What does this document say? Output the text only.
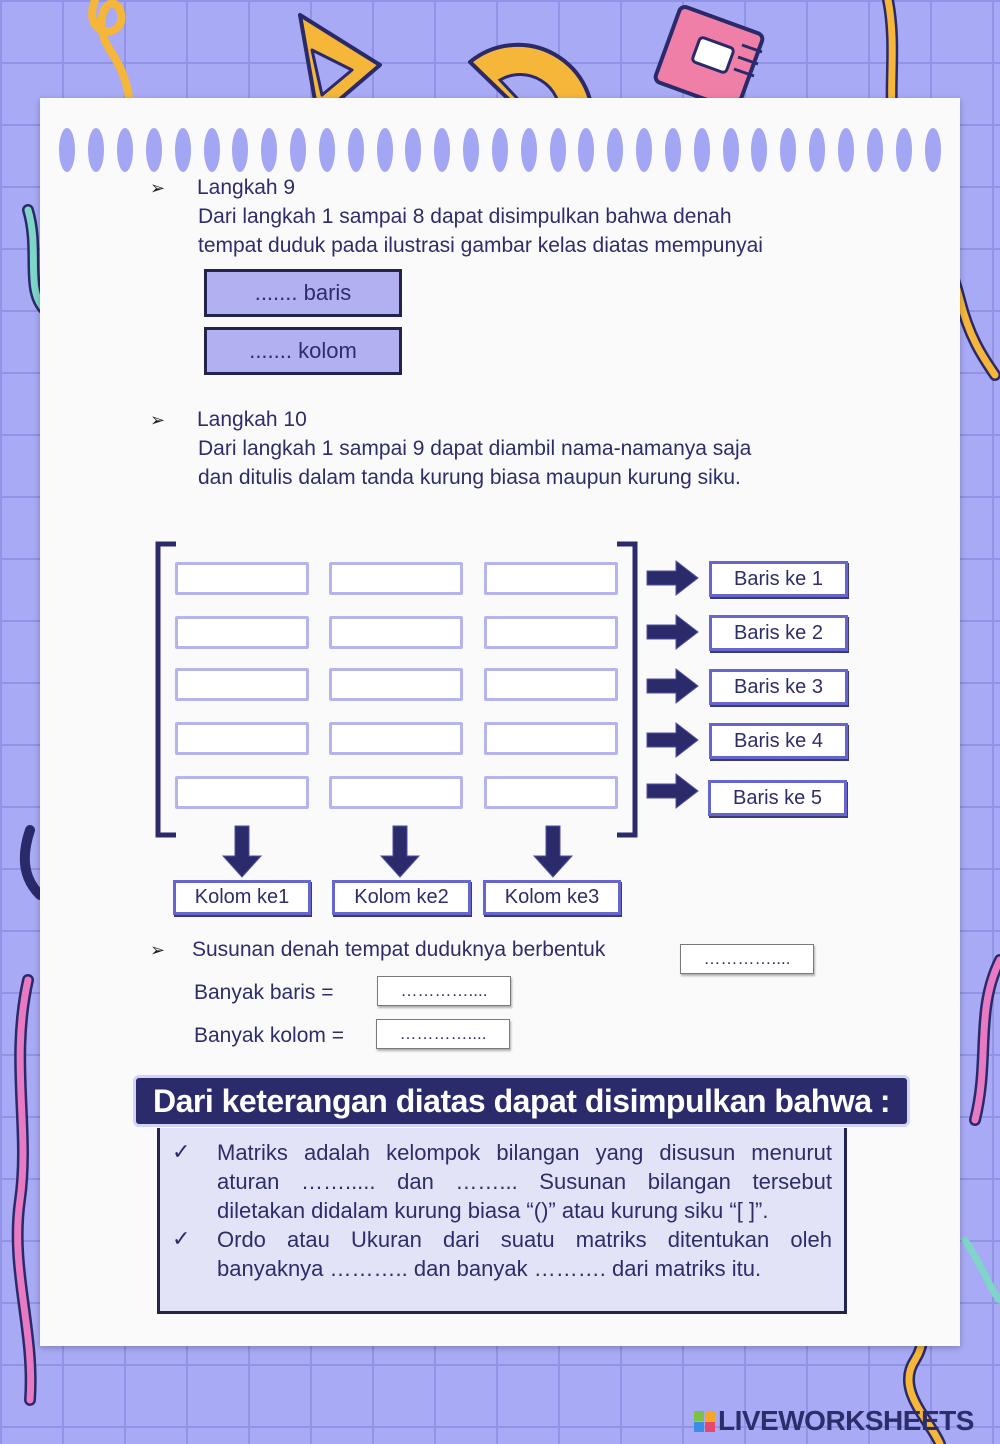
➢ Langkah 9
Dari langkah 1 sampai 8 dapat disimpulkan bahwa denah
tempat duduk pada ilustrasi gambar kelas diatas mempunyai
....... baris
....... kolom
➢ Langkah 10
Dari langkah 1 sampai 9 dapat diambil nama-namanya saja
dan ditulis dalam tanda kurung biasa maupun kurung siku.
Baris ke 1
Baris ke 2
Baris ke 3
Baris ke 4
Baris ke 5
Kolom ke1	Kolom ke2	Kolom ke3
➢ Susunan denah tempat duduknya berbentuk	…………....
Banyak baris =	…………....
Banyak kolom =	…………....
Dari keterangan diatas dapat disimpulkan bahwa :
✓ Matriks adalah kelompok bilangan yang disusun menurut aturan ……..... dan ……... Susunan bilangan tersebut diletakan didalam kurung biasa “()” atau kurung siku “[ ]”.
✓ Ordo atau Ukuran dari suatu matriks ditentukan oleh banyaknya ……….. dan banyak ………. dari matriks itu.
LIVEWORKSHEETS
